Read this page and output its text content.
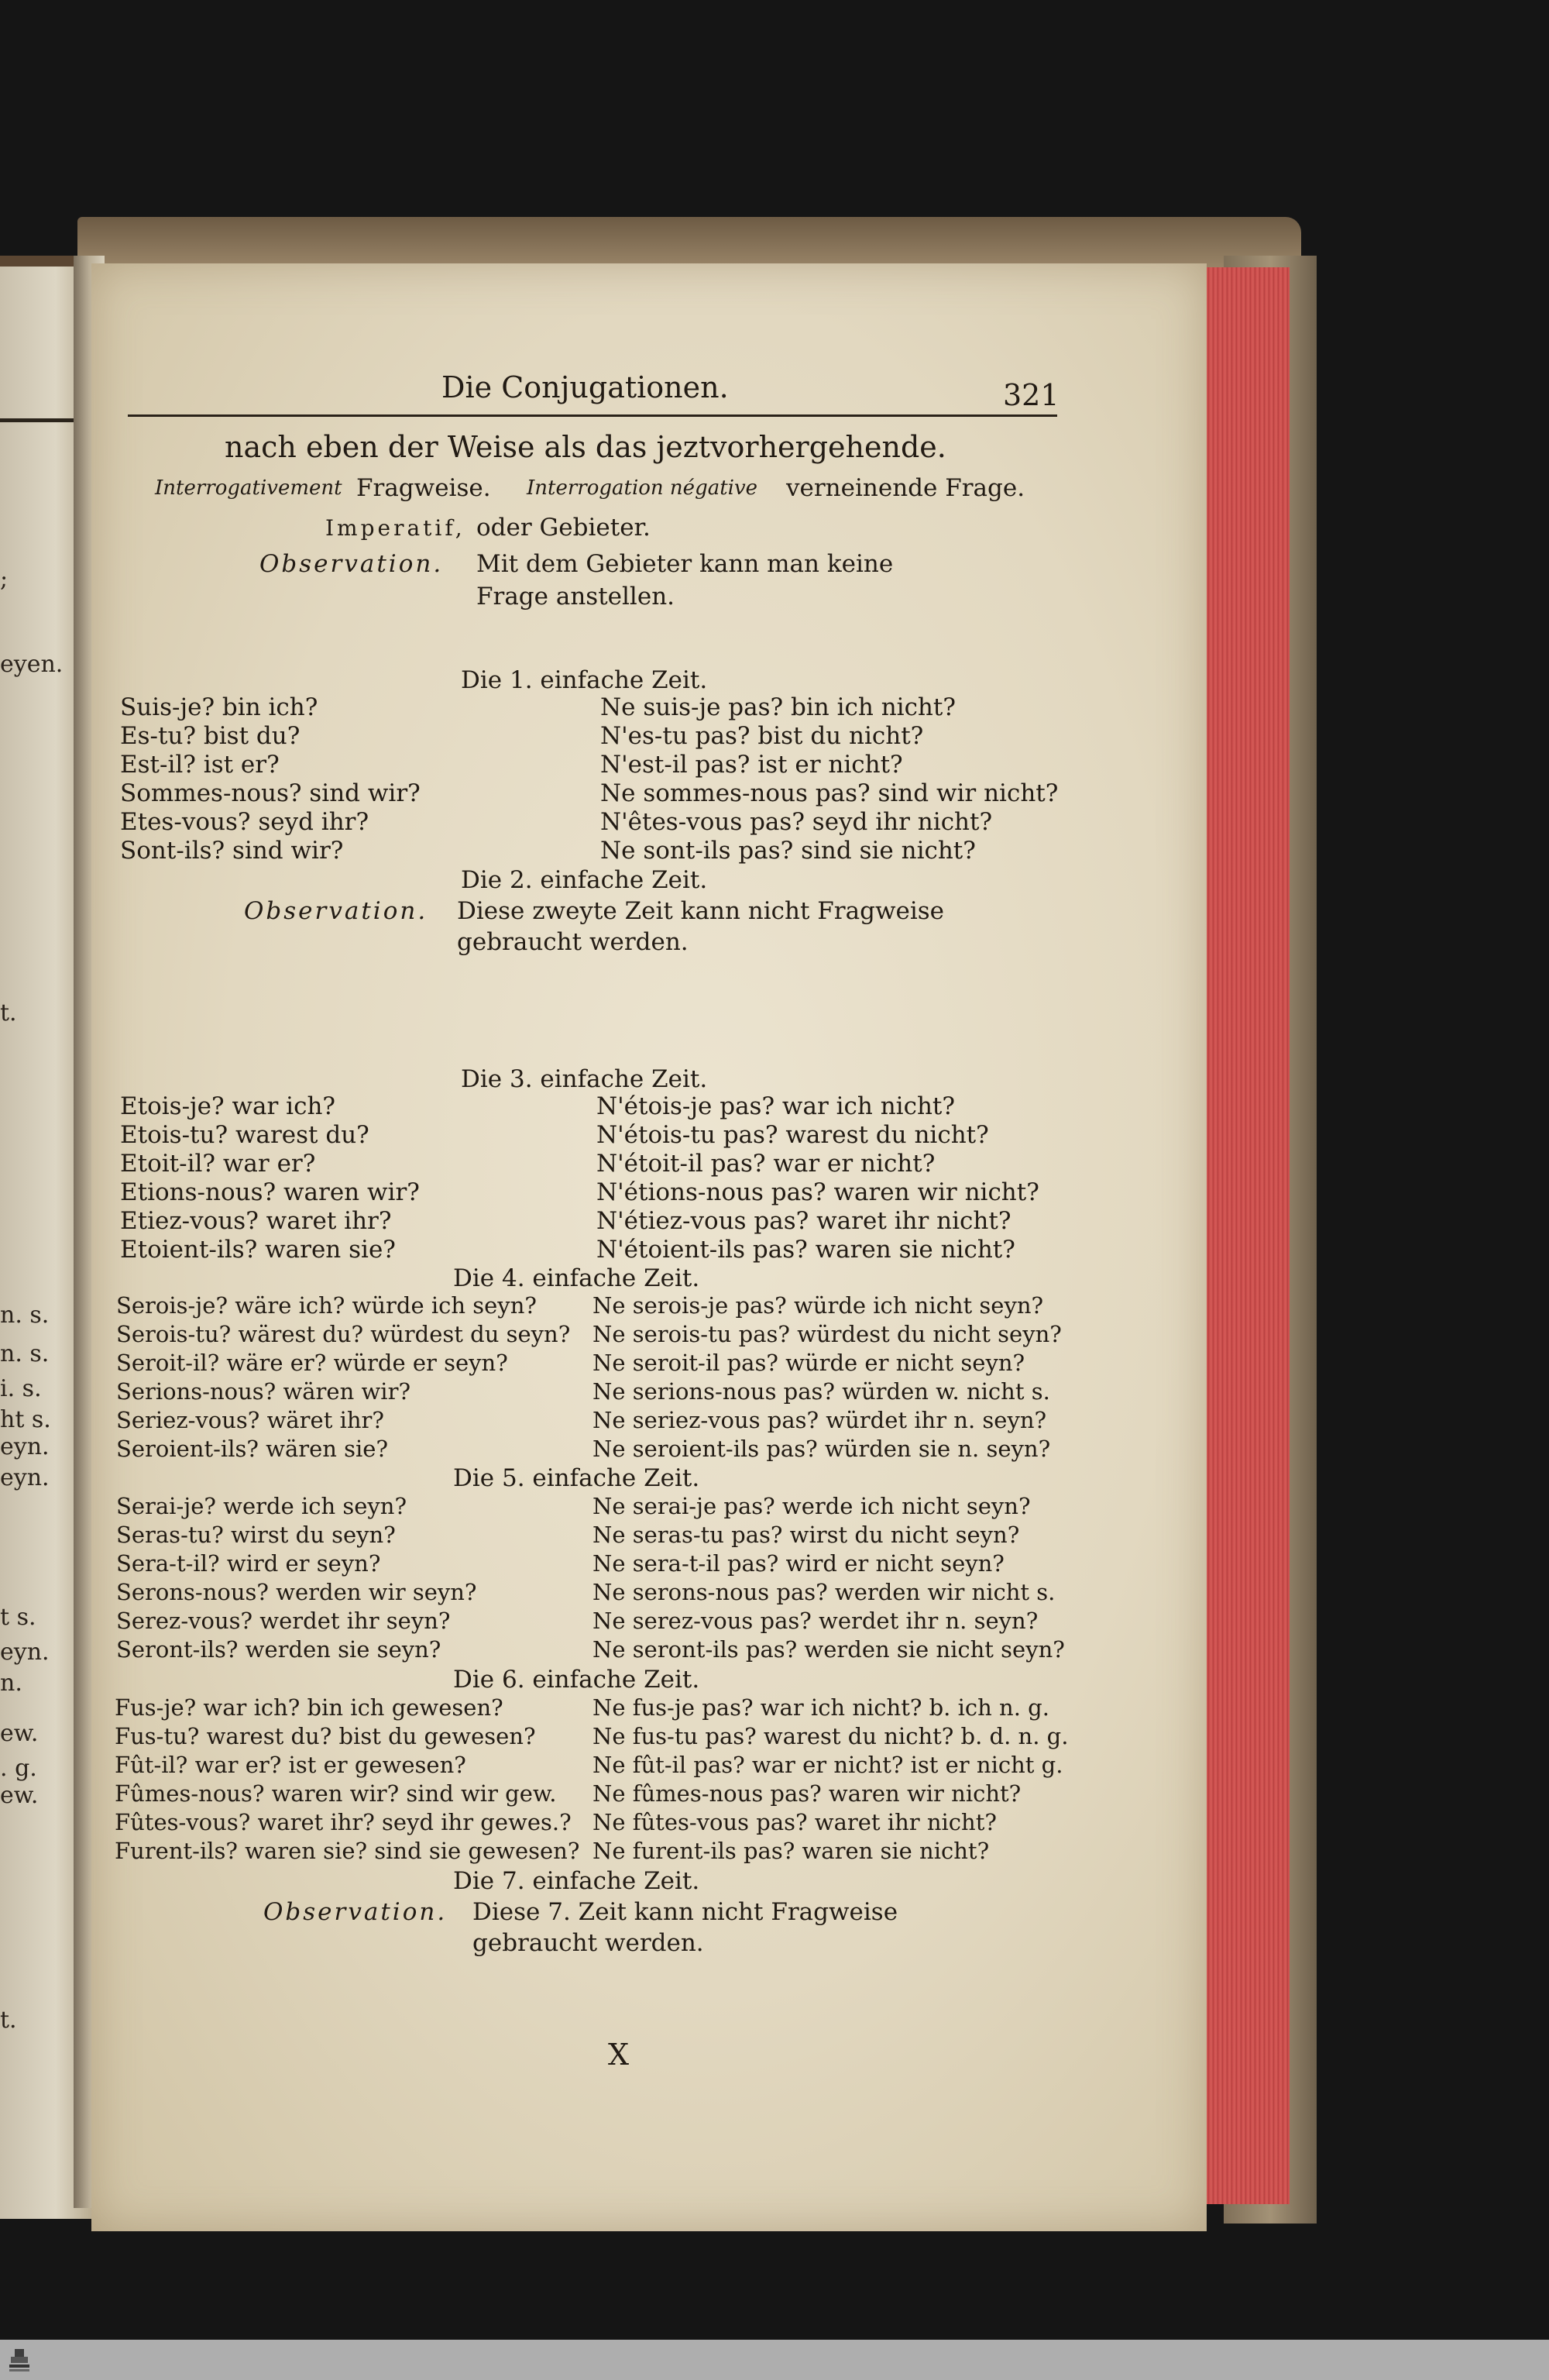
eyen.
;
t.
n. s.
n. s.
i. s.
ht s.
eyn.
eyn.
t s.
eyn.
n.
ew.
. g.
ew.
t.
Die Conjugationen.	321
nach eben der Weise als das jeztvorhergehende.
Interrogativement Fragweise. Interrogation négative verneinende Frage.
Imperatif, oder Gebieter.
Observation. Mit dem Gebieter kann man keine
Frage anstellen.
Die 1. einfache Zeit.
Suis-je? bin ich?
Es-tu? bist du?
Est-il? ist er?
Sommes-nous? sind wir?
Etes-vous? seyd ihr?
Sont-ils? sind wir?
Ne suis-je pas? bin ich nicht?
N'es-tu pas? bist du nicht?
N'est-il pas? ist er nicht?
Ne sommes-nous pas? sind wir nicht?
N'êtes-vous pas? seyd ihr nicht?
Ne sont-ils pas? sind sie nicht?
Die 2. einfache Zeit.
Observation. Diese zweyte Zeit kann nicht Fragweise
gebraucht werden.
Die 3. einfache Zeit.
Etois-je? war ich?
Etois-tu? warest du?
Etoit-il? war er?
Etions-nous? waren wir?
Etiez-vous? waret ihr?
Etoient-ils? waren sie?
N'étois-je pas? war ich nicht?
N'étois-tu pas? warest du nicht?
N'étoit-il pas? war er nicht?
N'étions-nous pas? waren wir nicht?
N'étiez-vous pas? waret ihr nicht?
N'étoient-ils pas? waren sie nicht?
Die 4. einfache Zeit.
Serois-je? wäre ich? würde ich seyn?
Serois-tu? wärest du? würdest du seyn?
Seroit-il? wäre er? würde er seyn?
Serions-nous? wären wir?
Seriez-vous? wäret ihr?
Seroient-ils? wären sie?
Ne serois-je pas? würde ich nicht seyn?
Ne serois-tu pas? würdest du nicht seyn?
Ne seroit-il pas? würde er nicht seyn?
Ne serions-nous pas? würden w. nicht s.
Ne seriez-vous pas? würdet ihr n. seyn?
Ne seroient-ils pas? würden sie n. seyn?
Die 5. einfache Zeit.
Serai-je? werde ich seyn?
Seras-tu? wirst du seyn?
Sera-t-il? wird er seyn?
Serons-nous? werden wir seyn?
Serez-vous? werdet ihr seyn?
Seront-ils? werden sie seyn?
Ne serai-je pas? werde ich nicht seyn?
Ne seras-tu pas? wirst du nicht seyn?
Ne sera-t-il pas? wird er nicht seyn?
Ne serons-nous pas? werden wir nicht s.
Ne serez-vous pas? werdet ihr n. seyn?
Ne seront-ils pas? werden sie nicht seyn?
Die 6. einfache Zeit.
Fus-je? war ich? bin ich gewesen?
Fus-tu? warest du? bist du gewesen?
Fût-il? war er? ist er gewesen?
Fûmes-nous? waren wir? sind wir gew.
Fûtes-vous? waret ihr? seyd ihr gewes.?
Furent-ils? waren sie? sind sie gewesen?
Ne fus-je pas? war ich nicht? b. ich n. g.
Ne fus-tu pas? warest du nicht? b. d. n. g.
Ne fût-il pas? war er nicht? ist er nicht g.
Ne fûmes-nous pas? waren wir nicht?
Ne fûtes-vous pas? waret ihr nicht?
Ne furent-ils pas? waren sie nicht?
Die 7. einfache Zeit.
Observation. Diese 7. Zeit kann nicht Fragweise
gebraucht werden.
X
